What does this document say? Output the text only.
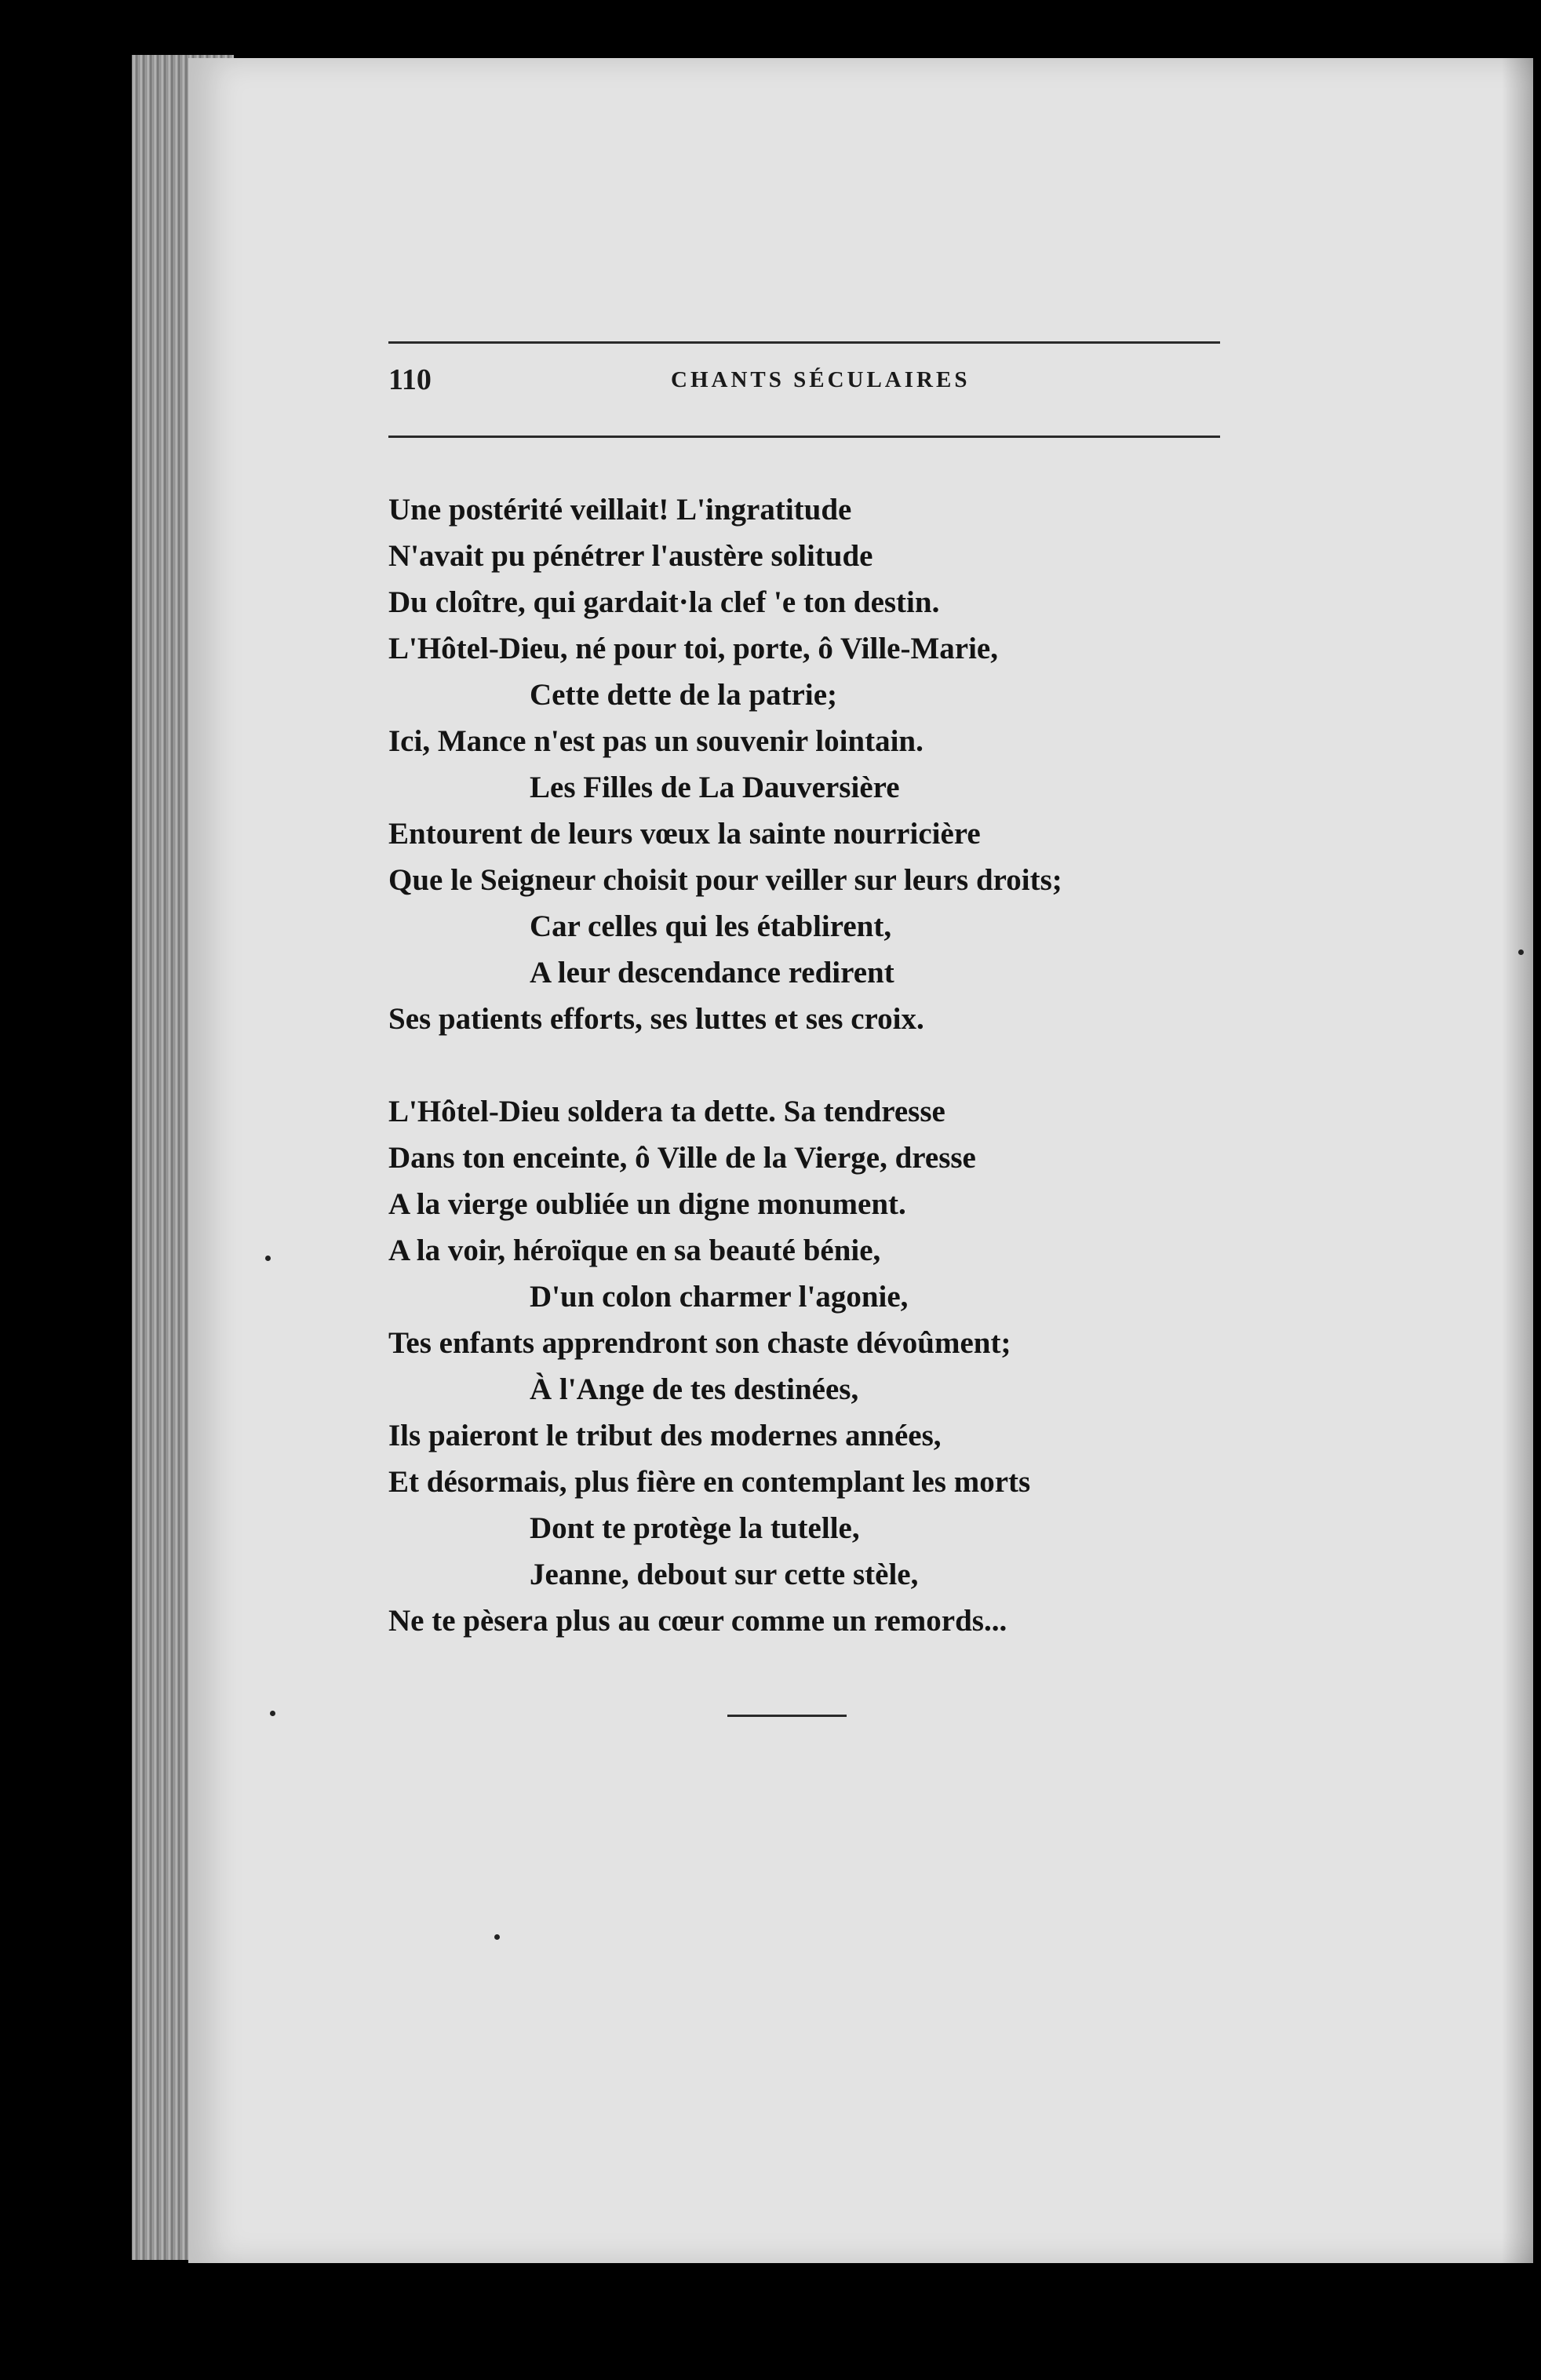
110	CHANTS SÉCULAIRES
Une postérité veillait! L'ingratitude
N'avait pu pénétrer l'austère solitude
Du cloître, qui gardait·la clef 'e ton destin.
L'Hôtel-Dieu, né pour toi, porte, ô Ville-Marie,
Cette dette de la patrie;
Ici, Mance n'est pas un souvenir lointain.
Les Filles de La Dauversière
Entourent de leurs vœux la sainte nourricière
Que le Seigneur choisit pour veiller sur leurs droits;
Car celles qui les établirent,
A leur descendance redirent
Ses patients efforts, ses luttes et ses croix.
L'Hôtel-Dieu soldera ta dette. Sa tendresse
Dans ton enceinte, ô Ville de la Vierge, dresse
A la vierge oubliée un digne monument.
A la voir, héroïque en sa beauté bénie,
D'un colon charmer l'agonie,
Tes enfants apprendront son chaste dévoûment;
À l'Ange de tes destinées,
Ils paieront le tribut des modernes années,
Et désormais, plus fière en contemplant les morts
Dont te protège la tutelle,
Jeanne, debout sur cette stèle,
Ne te pèsera plus au cœur comme un remords...
